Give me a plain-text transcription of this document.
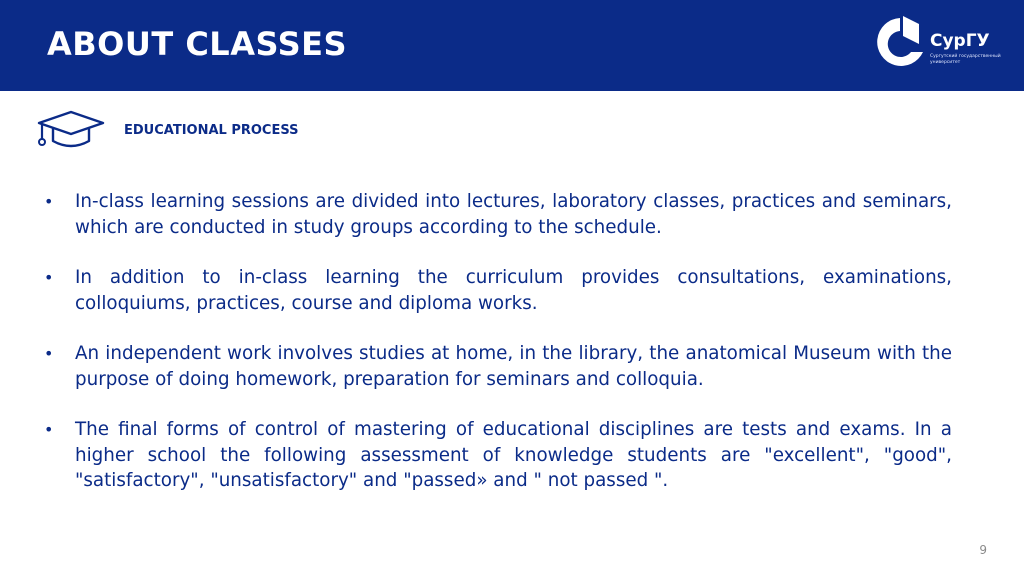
ABOUT CLASSES	СурГУ
Сургутский государственный университет
EDUCATIONAL PROCESS
• In-class learning sessions are divided into lectures, laboratory classes, practices and seminars, which are conducted in study groups according to the schedule.
• In addition to in-class learning the curriculum provides consultations, examinations, colloquiums, practices, course and diploma works.
• An independent work involves studies at home, in the library, the anatomical Museum with the purpose of doing homework, preparation for seminars and colloquia.
• The final forms of control of mastering of educational disciplines are tests and exams. In a higher school the following assessment of knowledge students are "excellent", "good", "satisfactory", "unsatisfactory" and "passed» and " not passed ".
9
